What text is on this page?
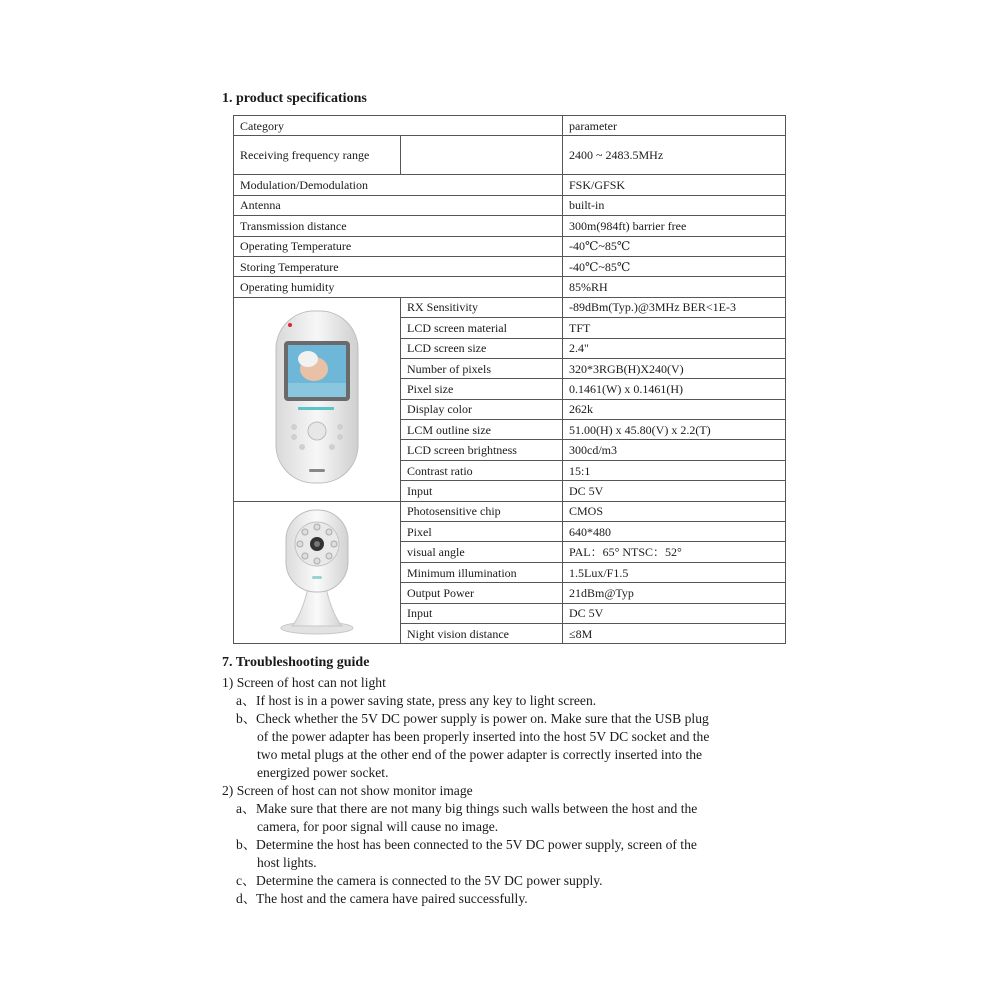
1. product specifications
Category		parameter
Receiving frequency range		2400 ~ 2483.5MHz
Modulation/Demodulation		FSK/GFSK
Antenna		built-in
Transmission distance		300m(984ft) barrier free
Operating Temperature		-40℃~85℃
Storing Temperature		-40℃~85℃
Operating humidity		85%RH
	RX Sensitivity	-89dBm(Typ.)@3MHz BER<1E-3
	LCD screen material	TFT
	LCD screen size	2.4"
	Number of pixels	320*3RGB(H)X240(V)
	Pixel size	0.1461(W) x 0.1461(H)
	Display color	262k
	LCM outline size	51.00(H) x 45.80(V) x 2.2(T)
	LCD screen brightness	300cd/m3
	Contrast ratio	15:1
	Input	DC 5V
	Photosensitive chip	CMOS
	Pixel	640*480
	visual angle	PAL：65° NTSC：52°
	Minimum illumination	1.5Lux/F1.5
	Output Power	21dBm@Typ
	Input	DC 5V
	Night vision distance	≤8M
7. Troubleshooting guide
1) Screen of host can not light
a、If host is in a power saving state, press any key to light screen.
b、Check whether the 5V DC power supply is power on. Make sure that the USB plug
of the power adapter has been properly inserted into the host 5V DC socket and the
two metal plugs at the other end of the power adapter is correctly inserted into the
energized power socket.
2) Screen of host can not show monitor image
a、Make sure that there are not many big things such walls between the host and the
camera, for poor signal will cause no image.
b、Determine the host has been connected to the 5V DC power supply, screen of the
host lights.
c、Determine the camera is connected to the 5V DC power supply.
d、The host and the camera have paired successfully.
